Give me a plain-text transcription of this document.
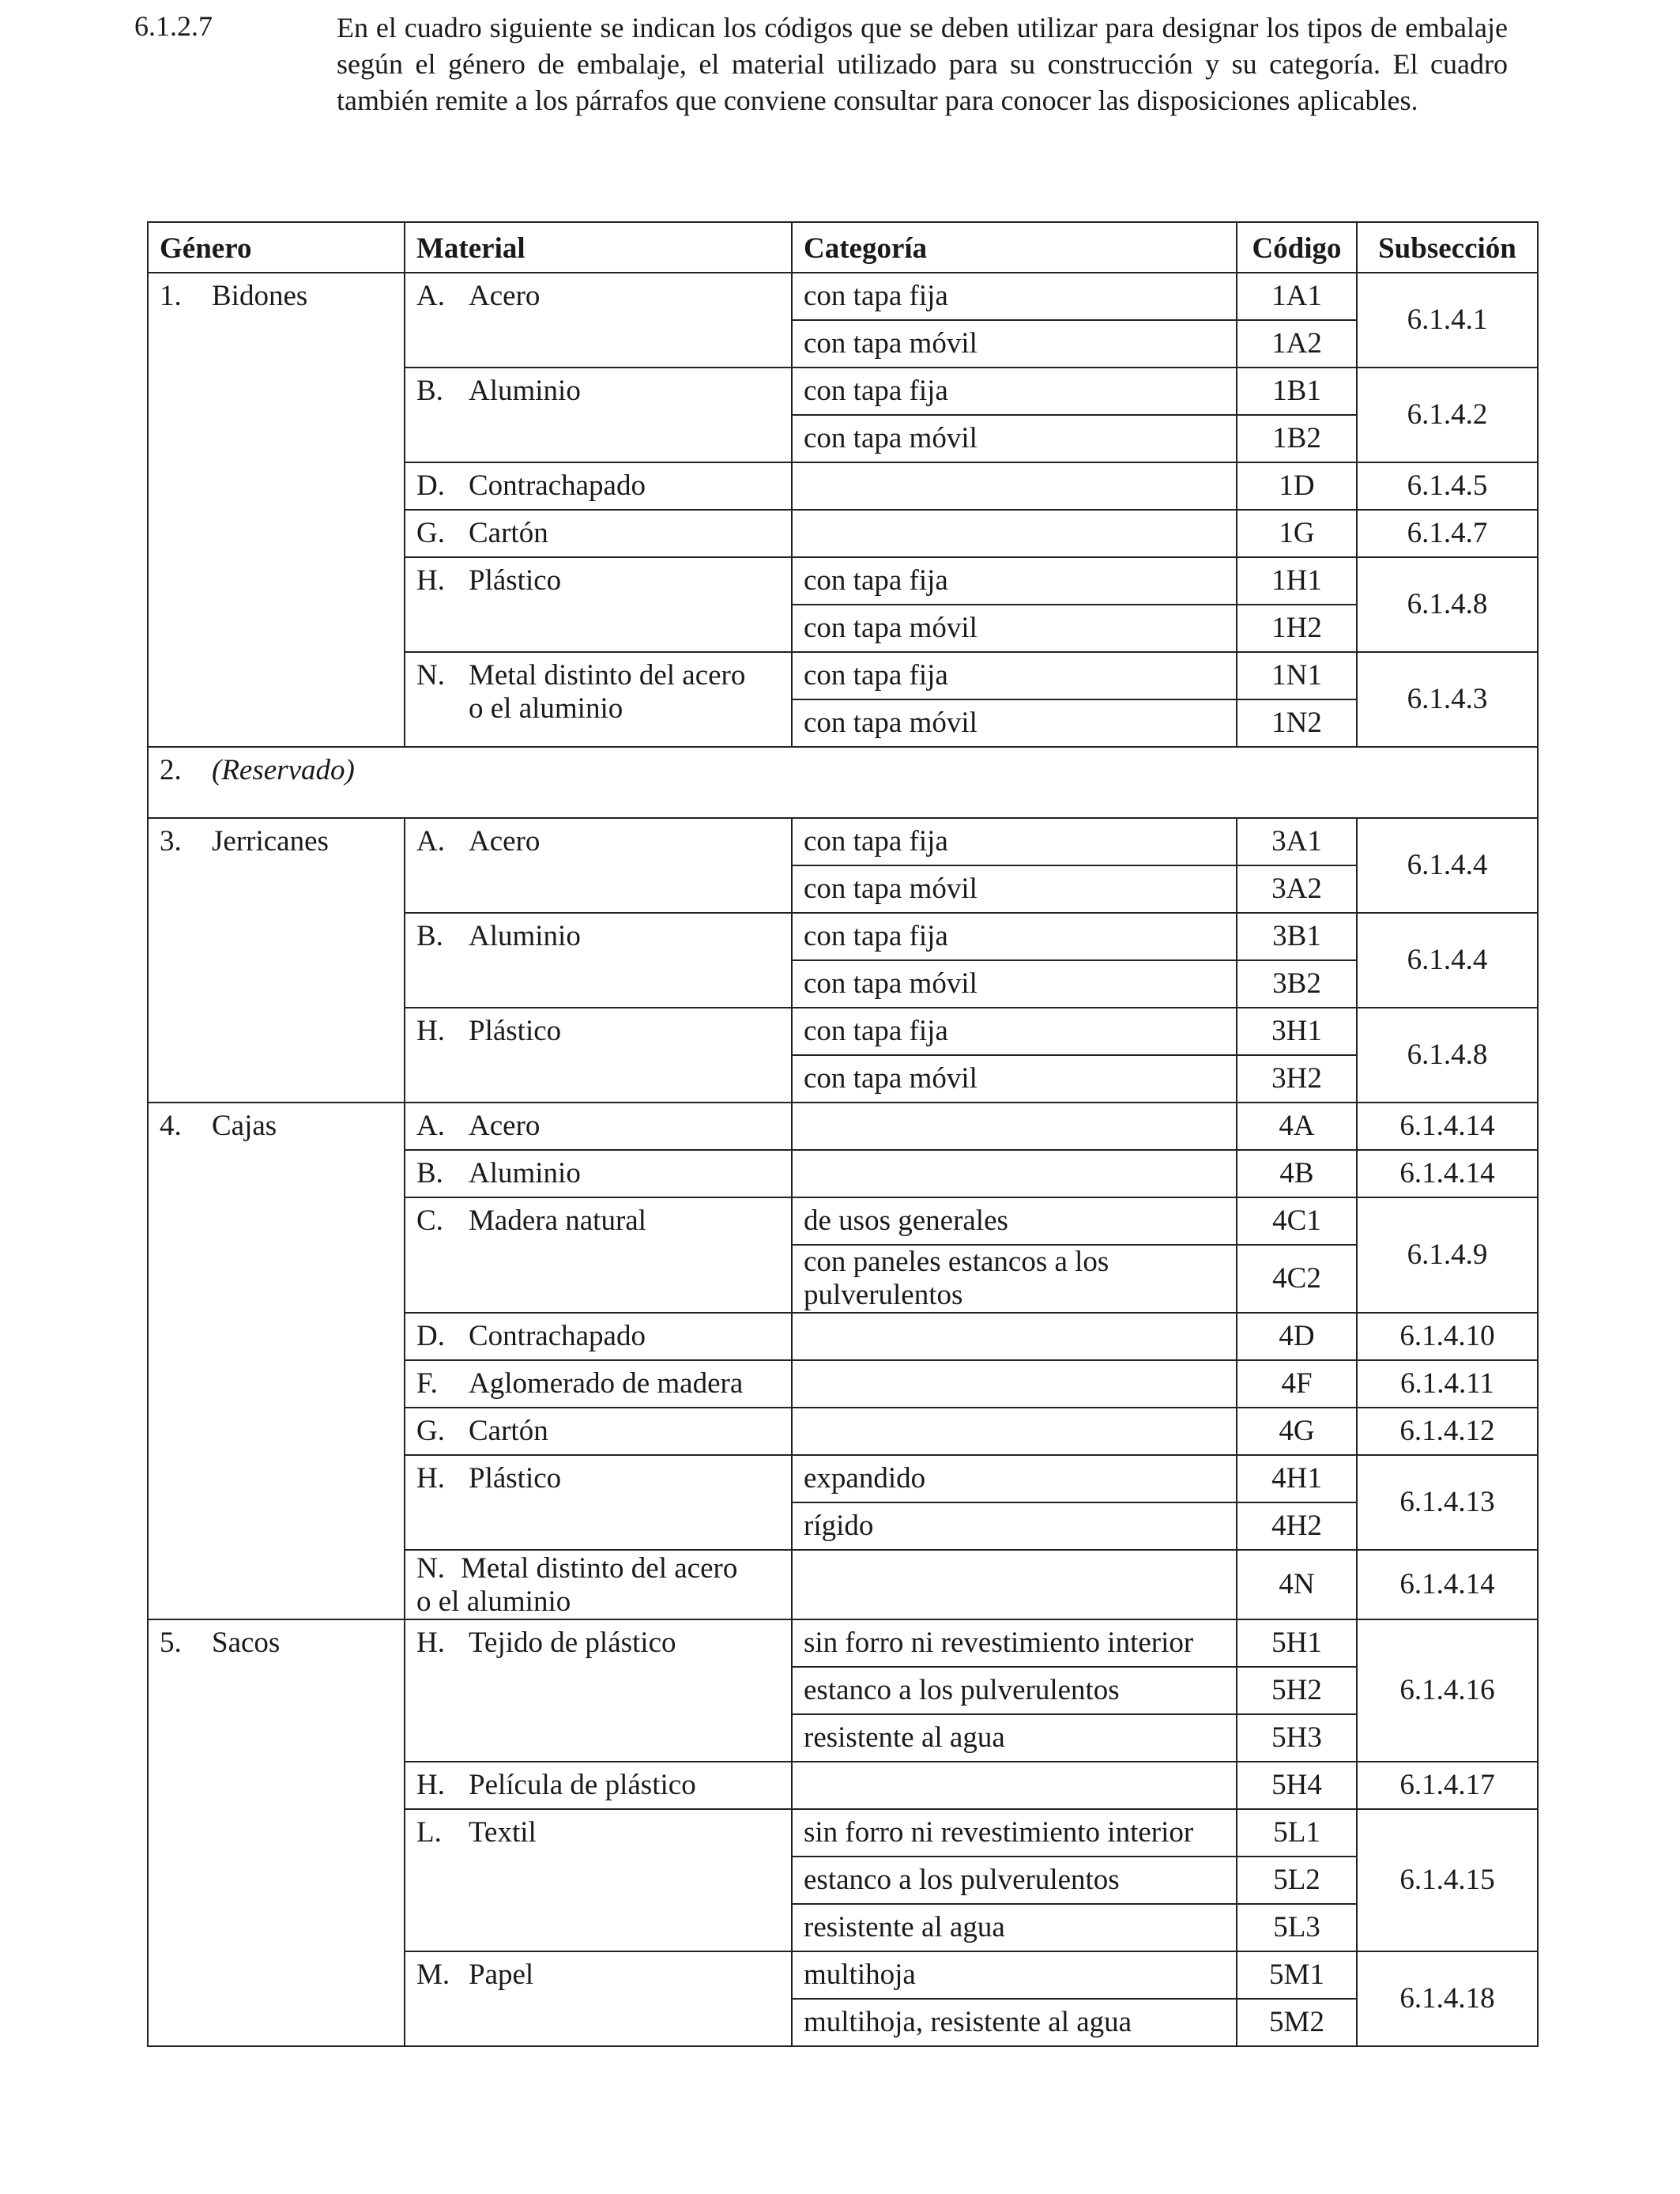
6.1.2.7	En el cuadro siguiente se indican los códigos que se deben utilizar para designar los tipos de embalaje según el género de embalaje, el material utilizado para su construcción y su categoría. El cuadro también remite a los párrafos que conviene consultar para conocer las disposiciones aplicables.
Género	Material	Categoría	Código	Subsección
1. Bidones	A. Acero	con tapa fija	1A1	6.1.4.1
		con tapa móvil	1A2	
	B. Aluminio	con tapa fija	1B1	6.1.4.2
		con tapa móvil	1B2	
	D. Contrachapado		1D	6.1.4.5
	G. Cartón		1G	6.1.4.7
	H. Plástico	con tapa fija	1H1	6.1.4.8
		con tapa móvil	1H2	
	N. Metal distinto del acero
o el aluminio	con tapa fija	1N1	6.1.4.3
		con tapa móvil	1N2	
2. (Reservado)				
3. Jerricanes	A. Acero	con tapa fija	3A1	6.1.4.4
		con tapa móvil	3A2	
	B. Aluminio	con tapa fija	3B1	6.1.4.4
		con tapa móvil	3B2	
	H. Plástico	con tapa fija	3H1	6.1.4.8
		con tapa móvil	3H2	
4. Cajas	A. Acero		4A	6.1.4.14
	B. Aluminio		4B	6.1.4.14
	C. Madera natural	de usos generales	4C1	6.1.4.9
		con paneles estancos a los pulverulentos	4C2	
	D. Contrachapado		4D	6.1.4.10
	F. Aglomerado de madera		4F	6.1.4.11
	G. Cartón		4G	6.1.4.12
	H. Plástico	expandido	4H1	6.1.4.13
		rígido	4H2	
	N. Metal distinto del acero
o el aluminio		4N	6.1.4.14
5. Sacos	H. Tejido de plástico	sin forro ni revestimiento interior	5H1	6.1.4.16
		estanco a los pulverulentos	5H2	
		resistente al agua	5H3	
	H. Película de plástico		5H4	6.1.4.17
	L. Textil	sin forro ni revestimiento interior	5L1	6.1.4.15
		estanco a los pulverulentos	5L2	
		resistente al agua	5L3	
	M. Papel	multihoja	5M1	6.1.4.18
		multihoja, resistente al agua	5M2	
